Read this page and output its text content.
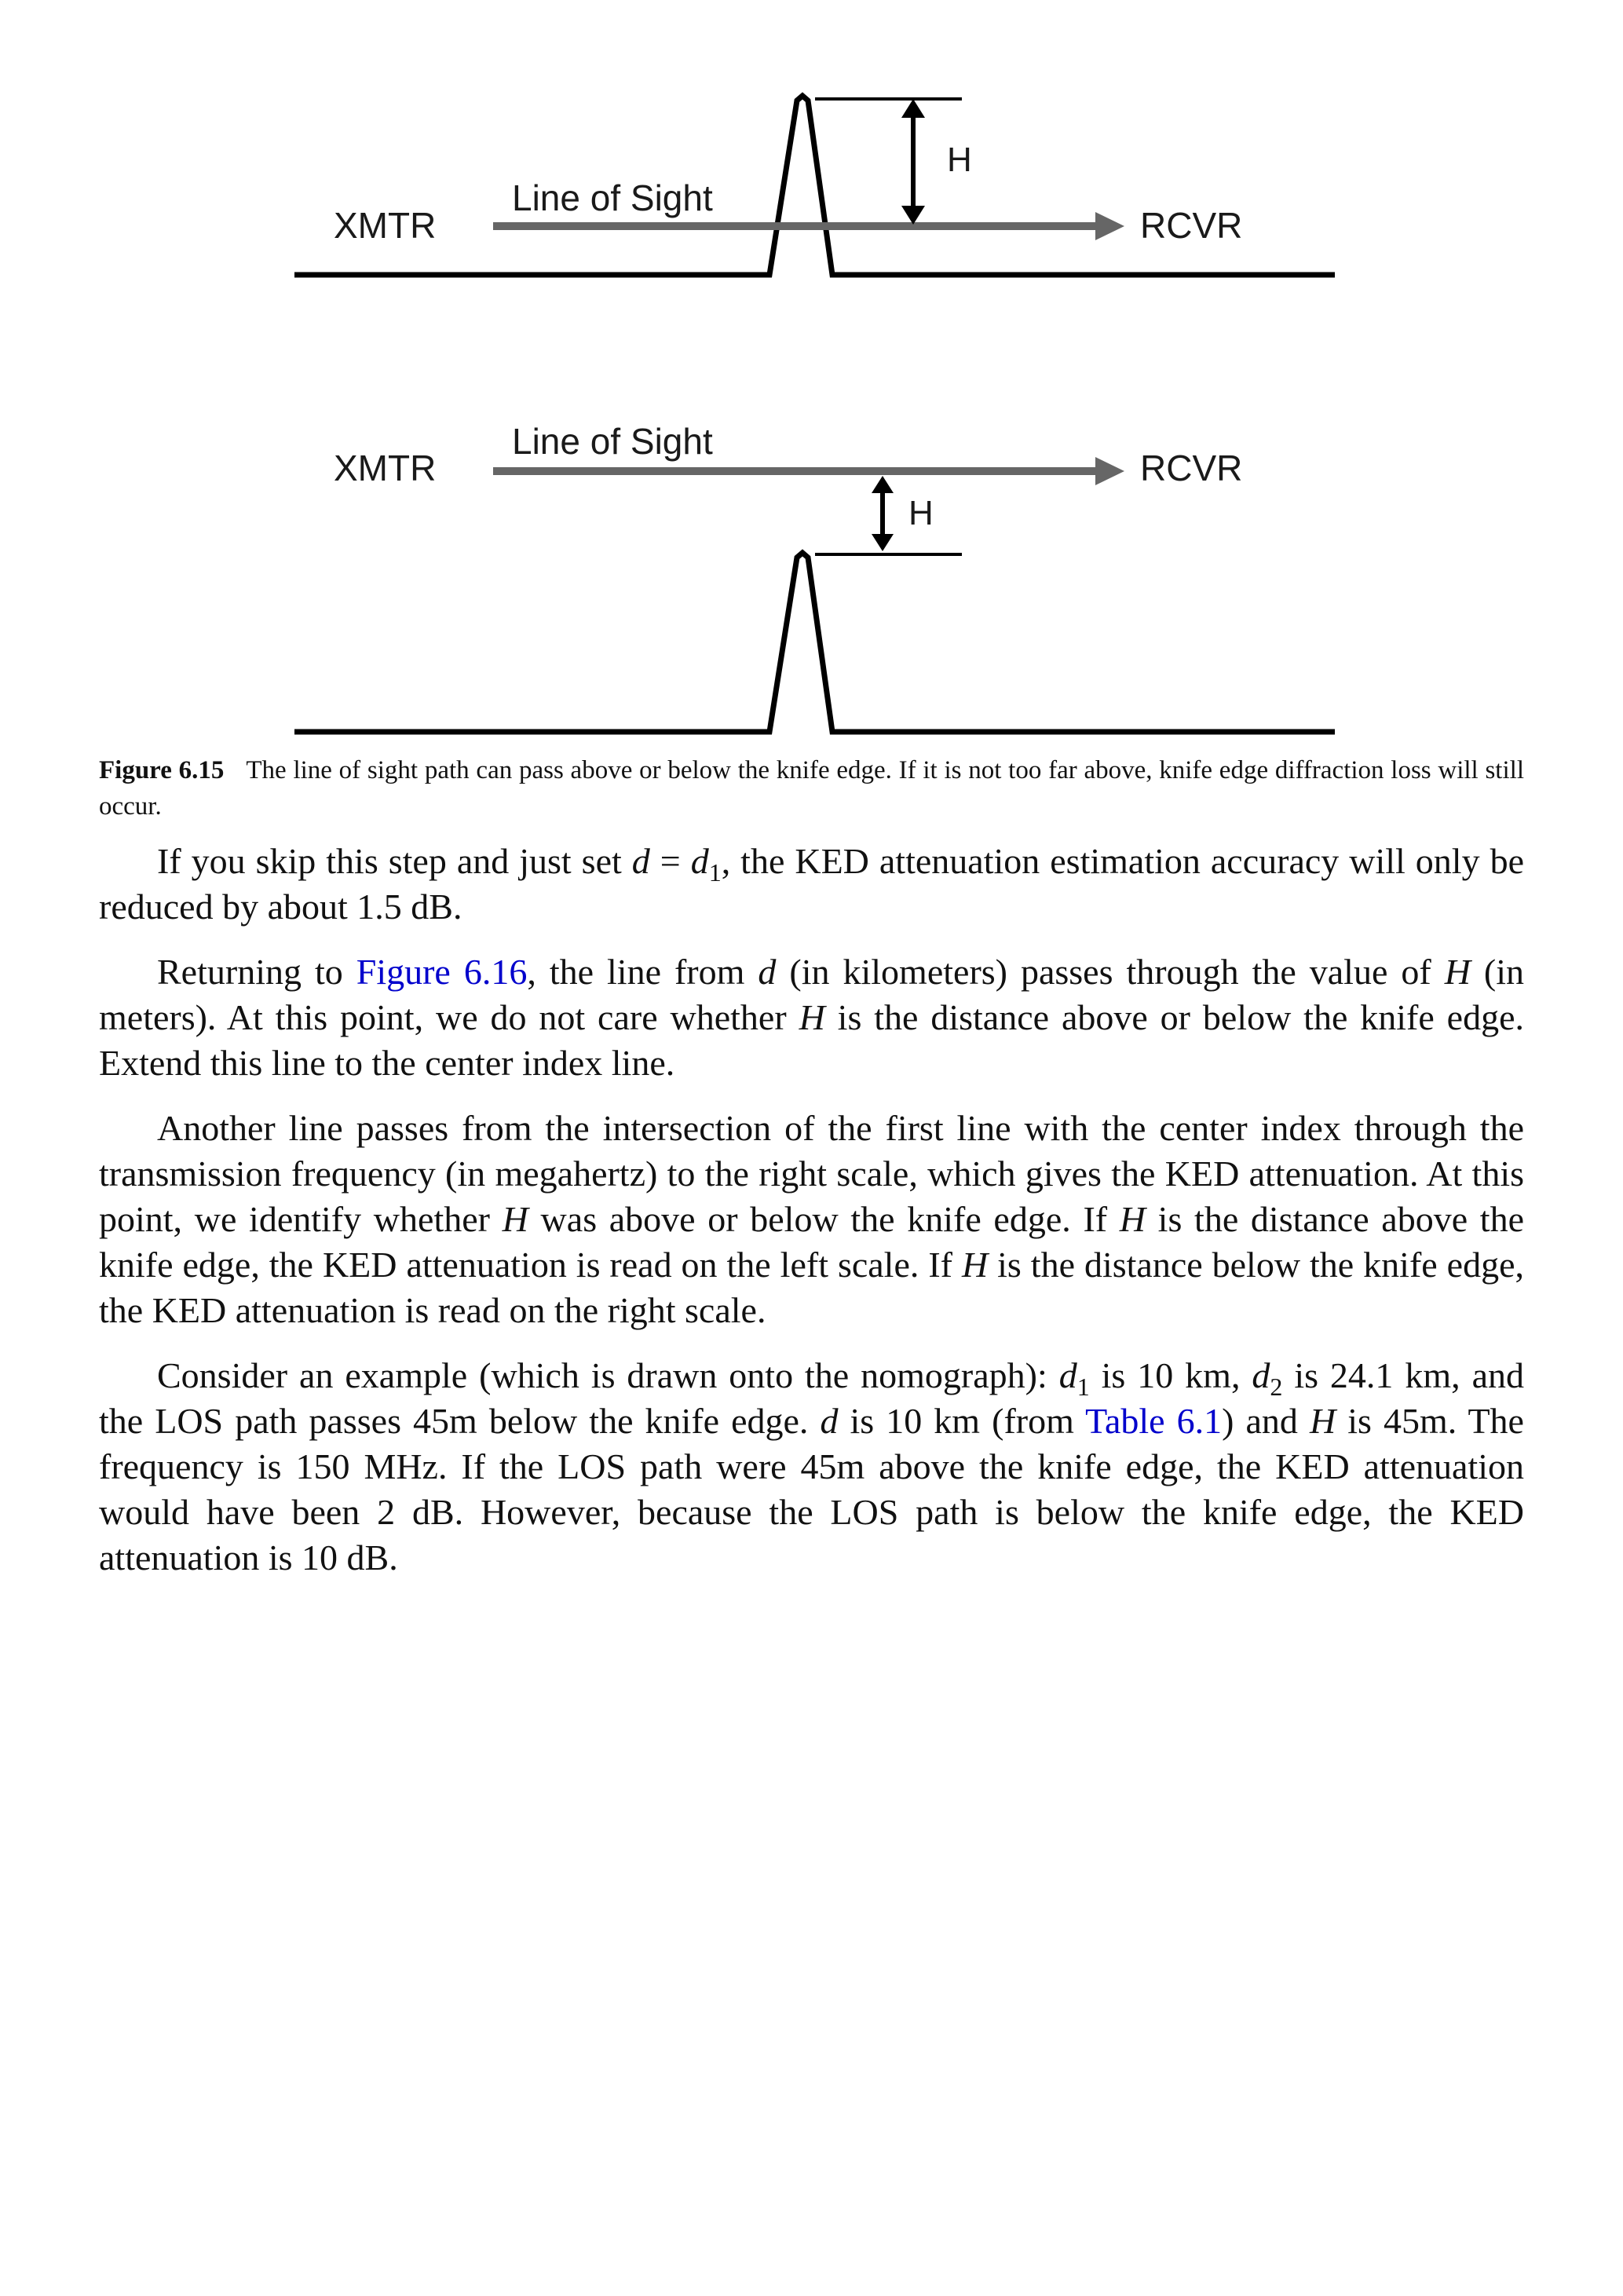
XMTR
Line of Sight
RCVR
H
XMTR
Line of Sight
RCVR
H
Figure 6.15 The line of sight path can pass above or below the knife edge. If it is not too far above, knife edge diffraction loss will still occur.

If you skip this step and just set $d = d_1$, the KED attenuation estimation accuracy will only be reduced by about 1.5 dB.

Returning to Figure 6.16, the line from d (in kilometers) passes through the value of H (in meters). At this point, we do not care whether H is the distance above or below the knife edge. Extend this line to the center index line.

Another line passes from the intersection of the first line with the center index through the transmission frequency (in megahertz) to the right scale, which gives the KED attenuation. At this point, we identify whether H was above or below the knife edge. If H is the distance above the knife edge, the KED attenuation is read on the left scale. If H is the distance below the knife edge, the KED attenuation is read on the right scale.

Consider an example (which is drawn onto the nomograph): $d_1$ is 10 km, $d_2$ is 24.1 km, and the LOS path passes 45m below the knife edge. d is 10 km (from Table 6.1) and H is 45m. The frequency is 150 MHz. If the LOS path were 45m above the knife edge, the KED attenuation would have been 2 dB. However, because the LOS path is below the knife edge, the KED attenuation is 10 dB.
